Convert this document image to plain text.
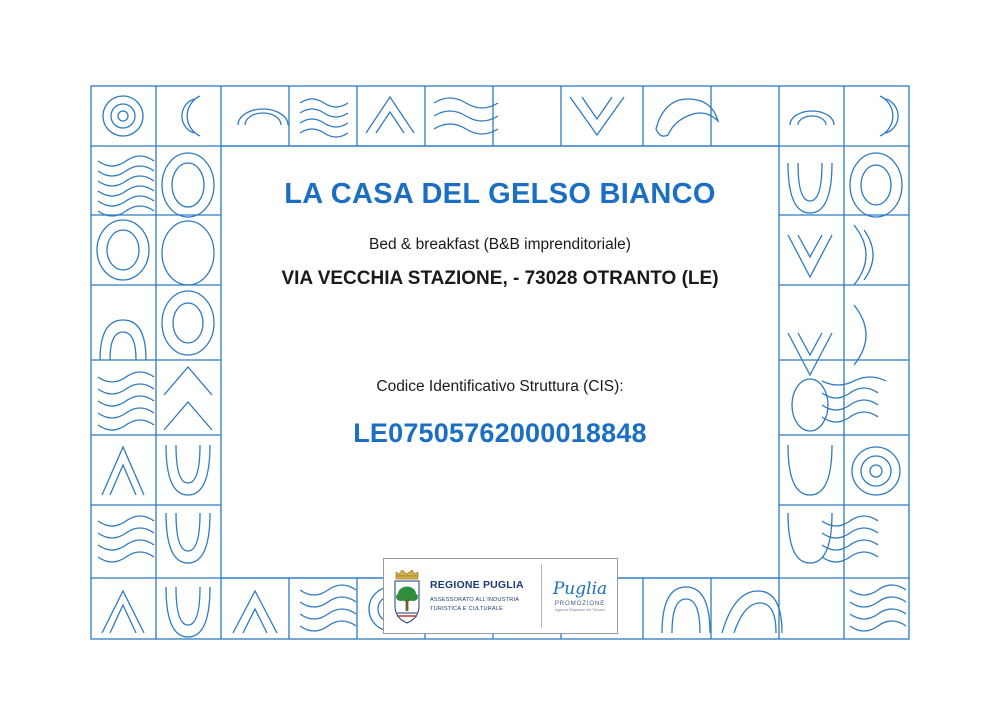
LA CASA DEL GELSO BIANCO
Bed & breakfast (B&B imprenditoriale)
VIA VECCHIA STAZIONE, - 73028 OTRANTO (LE)
Codice Identificativo Struttura (CIS):
LE07505762000018848
REGIONE PUGLIA
ASSESSORATO ALL'INDUSTRIA
TURISTICA E CULTURALE
Puglia
PROMOZIONE
Agenzia Regionale del Turismo
